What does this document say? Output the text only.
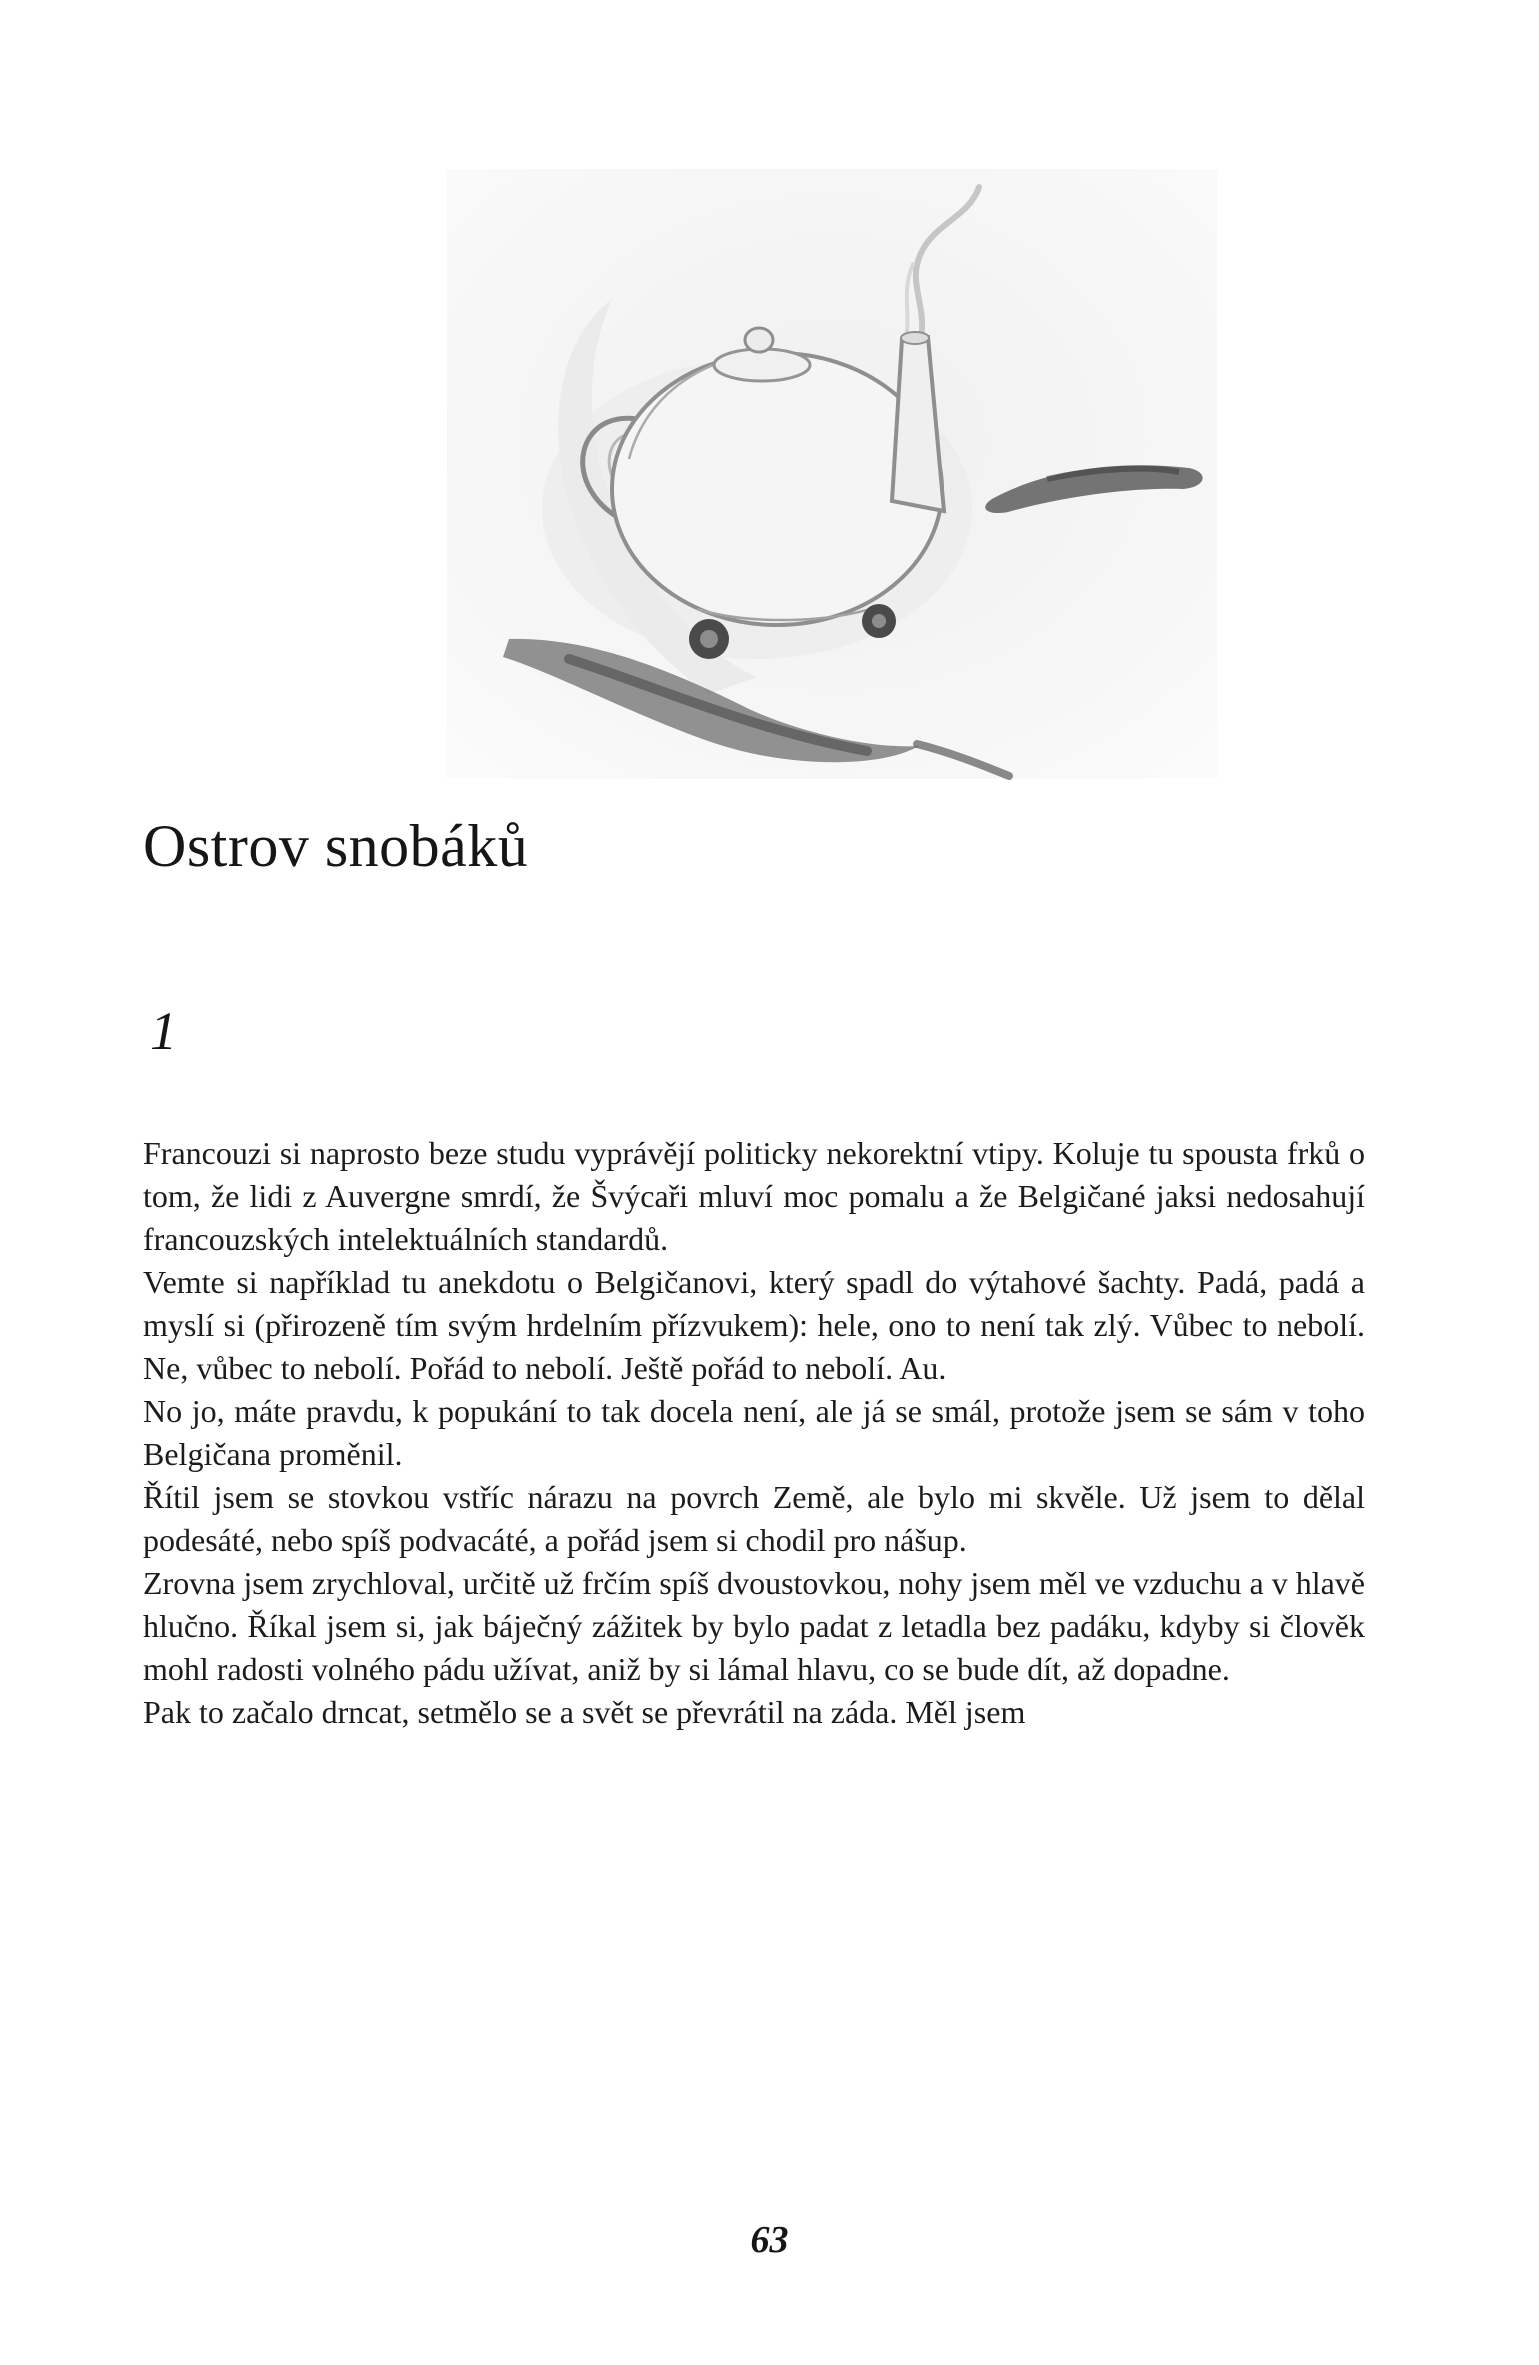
Ostrov snobáků
1

Francouzi si naprosto beze studu vyprávějí politicky nekorektní vtipy. Koluje tu spousta frků o tom, že lidi z Auvergne smrdí, že Švýcaři mluví moc pomalu a že Belgičané jaksi nedosahují francouzských intelektuálních standardů.

Vemte si například tu anekdotu o Belgičanovi, který spadl do výtahové šachty. Padá, padá a myslí si (přirozeně tím svým hrdelním přízvukem): hele, ono to není tak zlý. Vůbec to nebolí. Ne, vůbec to nebolí. Pořád to nebolí. Ještě pořád to nebolí. Au.

No jo, máte pravdu, k popukání to tak docela není, ale já se smál, protože jsem se sám v toho Belgičana proměnil.

Řítil jsem se stovkou vstříc nárazu na povrch Země, ale bylo mi skvěle. Už jsem to dělal podesáté, nebo spíš podvacáté, a pořád jsem si chodil pro nášup.

Zrovna jsem zrychloval, určitě už frčím spíš dvoustovkou, nohy jsem měl ve vzduchu a v hlavě hlučno. Říkal jsem si, jak báječný zážitek by bylo padat z letadla bez padáku, kdyby si člověk mohl radosti volného pádu užívat, aniž by si lámal hlavu, co se bude dít, až dopadne.

Pak to začalo drncat, setmělo se a svět se převrátil na záda. Měl jsem

63
